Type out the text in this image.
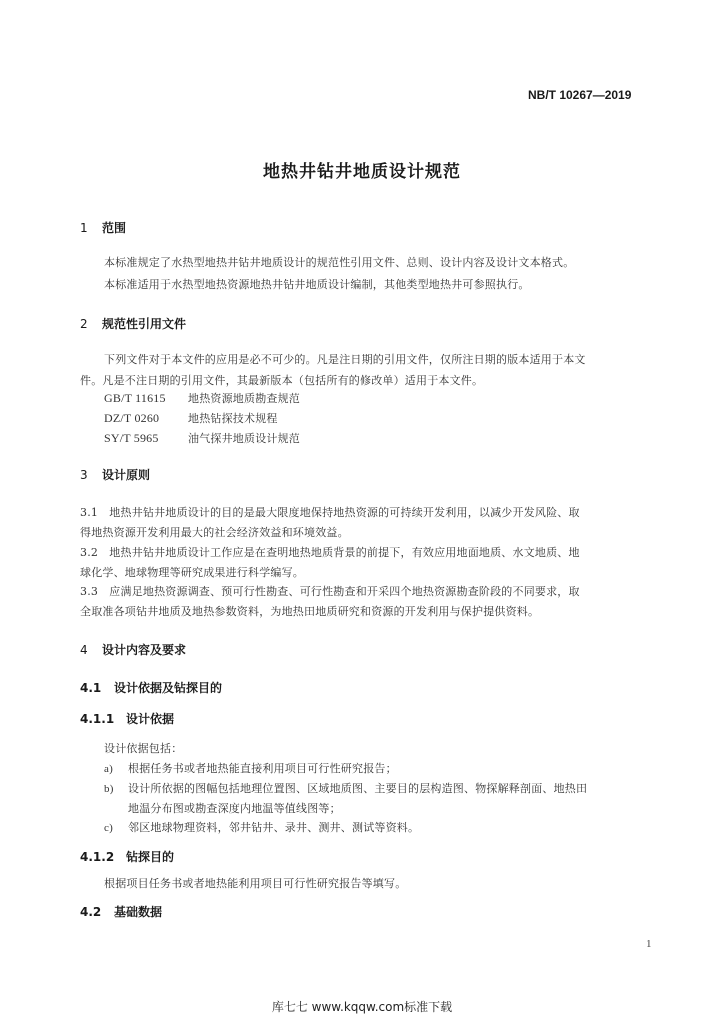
NB/T 10267—2019
地热井钻井地质设计规范
1 范围
本标准规定了水热型地热井钻井地质设计的规范性引用文件、总则、设计内容及设计文本格式。
本标准适用于水热型地热资源地热井钻井地质设计编制，其他类型地热井可参照执行。
2 规范性引用文件
下列文件对于本文件的应用是必不可少的。凡是注日期的引用文件，仅所注日期的版本适用于本文
件。凡是不注日期的引用文件，其最新版本（包括所有的修改单）适用于本文件。
GB/T 11615 地热资源地质勘查规范
DZ/T 0260	地热钻探技术规程
SY/T 5965	油气探井地质设计规范
3 设计原则
3.1　地热井钻井地质设计的目的是最大限度地保持地热资源的可持续开发利用，以减少开发风险、取
得地热资源开发利用最大的社会经济效益和环境效益。
3.2　地热井钻井地质设计工作应是在查明地热地质背景的前提下，有效应用地面地质、水文地质、地
球化学、地球物理等研究成果进行科学编写。
3.3　应满足地热资源调查、预可行性勘查、可行性勘查和开采四个地热资源勘查阶段的不同要求，取
全取准各项钻井地质及地热参数资料，为地热田地质研究和资源的开发利用与保护提供资料。
4 设计内容及要求
4.1 设计依据及钻探目的
4.1.1 设计依据
设计依据包括：
a) 根据任务书或者地热能直接利用项目可行性研究报告；
b) 设计所依据的图幅包括地理位置图、区域地质图、主要目的层构造图、物探解释剖面、地热田
地温分布图或勘查深度内地温等值线图等；
c) 邻区地球物理资料，邻井钻井、录井、测井、测试等资料。
4.1.2 钻探目的
根据项目任务书或者地热能利用项目可行性研究报告等填写。
4.2 基础数据
1
库七七 www.kqqw.com标准下载
